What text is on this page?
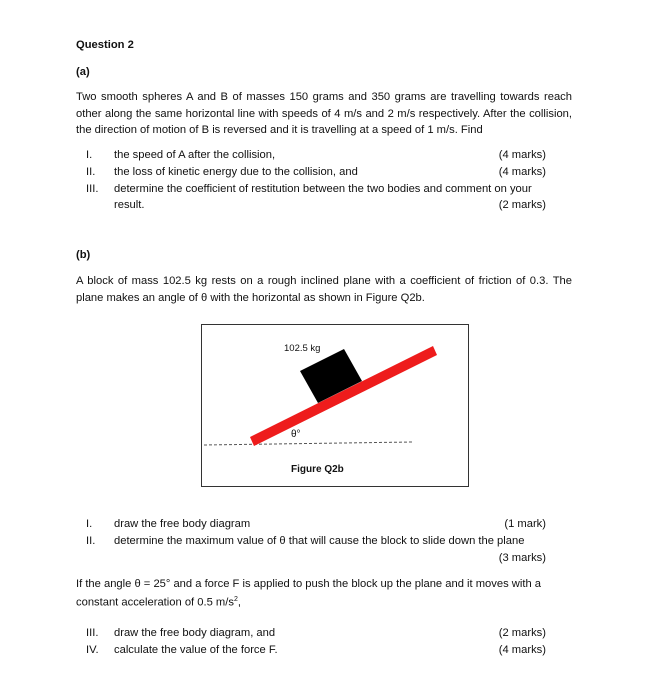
Question 2
(a)
Two smooth spheres A and B of masses 150 grams and 350 grams are travelling towards reach other along the same horizontal line with speeds of 4 m/s and 2 m/s respectively. After the collision, the direction of motion of B is reversed and it is travelling at a speed of 1 m/s. Find
I.	the speed of A after the collision,	(4 marks)
II.	the loss of kinetic energy due to the collision, and	(4 marks)
III.	determine the coefficient of restitution between the two bodies and comment on your
result.	(2 marks)
(b)
A block of mass 102.5 kg rests on a rough inclined plane with a coefficient of friction of 0.3. The plane makes an angle of θ with the horizontal as shown in Figure Q2b.
102.5 kg
θ°
Figure Q2b
I.	draw the free body diagram	(1 mark)
II.	determine the maximum value of θ that will cause the block to slide down the plane
(3 marks)
If the angle θ = 25° and a force F is applied to push the block up the plane and it moves with a
constant acceleration of 0.5 $m/s^2$,
III.	draw the free body diagram, and	(2 marks)
IV.	calculate the value of the force F.	(4 marks)
